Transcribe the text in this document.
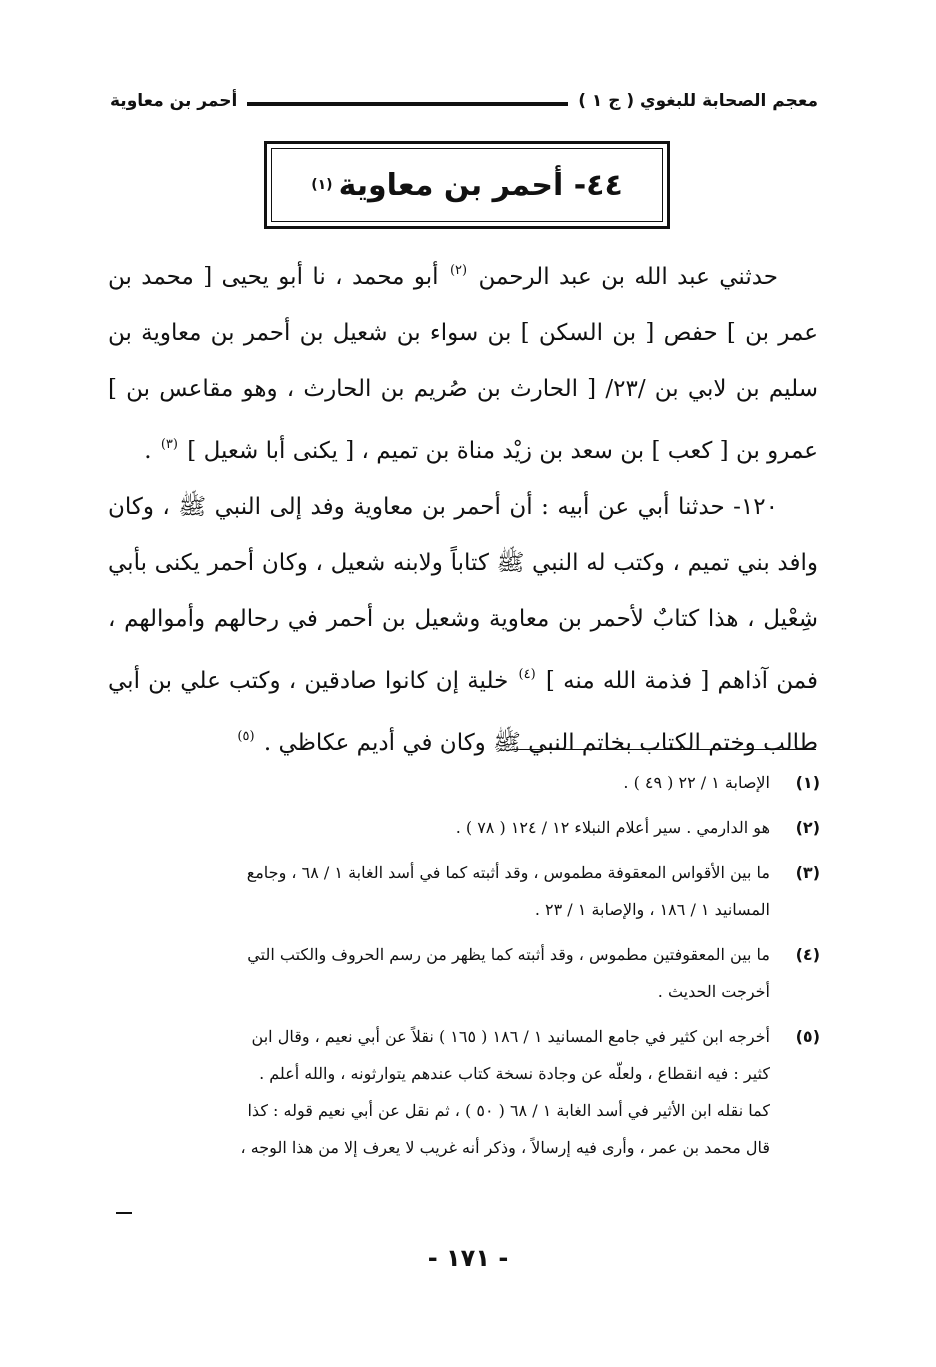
معجم الصحابة للبغوي ( ج ١ )
أحمر بن معاوية
٤٤- أحمر بن معاوية
(١)

حدثني عبد الله بن عبد الرحمن $^{(٢)}$ أبو محمد ، نا أبو يحيى [ محمد بن عمر بن ] حفص [ بن السكن ] بن سواء بن شعيل بن أحمر بن معاوية بن سليم بن لابي بن /٢٣/ [ الحارث بن صُريم بن الحارث ، وهو مقاعس بن ] عمرو بن [ كعب ] بن سعد بن زيْد مناة بن تميم ، [ يكنى أبا شعيل ] $^{(٣)}$ .

١٢٠- حدثنا أبي عن أبيه : أن أحمر بن معاوية وفد إلى النبي ﷺ ، وكان وافد بني تميم ، وكتب له النبي ﷺ كتاباً ولابنه شعيل ، وكان أحمر يكنى بأبي شِعْيل ، هذا كتابٌ لأحمر بن معاوية وشعيل بن أحمر في رحالهم وأموالهم ، فمن آذاهم [ فذمة الله منه ] $^{(٤)}$ خلية إن كانوا صادقين ، وكتب علي بن أبي طالب وختم الكتاب بخاتم النبي ﷺ وكان في أديم عكاظي . $^{(٥)}$

(١)
الإصابة ١ / ٢٢ ( ٤٩ ) .
(٢)
هو الدارمي . سير أعلام النبلاء ١٢ / ١٢٤ ( ٧٨ ) .
(٣)
ما بين الأقواس المعقوفة مطموس ، وقد أثبته كما في أسد الغابة ١ / ٦٨ ، وجامع
المسانيد ١ / ١٨٦ ، والإصابة ١ / ٢٣ .
(٤)
ما بين المعقوفتين مطموس ، وقد أثبته كما يظهر من رسم الحروف والكتب التي
أخرجت الحديث .
(٥)
أخرجه ابن كثير في جامع المسانيد ١ / ١٨٦ ( ١٦٥ ) نقلاً عن أبي نعيم ، وقال ابن
كثير : فيه انقطاع ، ولعلّه عن وجادة نسخة كتاب عندهم يتوارثونه ، والله أعلم .
كما نقله ابن الأثير في أسد الغابة ١ / ٦٨ ( ٥٠ ) ، ثم نقل عن أبي نعيم قوله : كذا
قال محمد بن عمر ، وأرى فيه إرسالاً ، وذكر أنه غريب لا يعرف إلا من هذا الوجه ،
- ١٧١ -
